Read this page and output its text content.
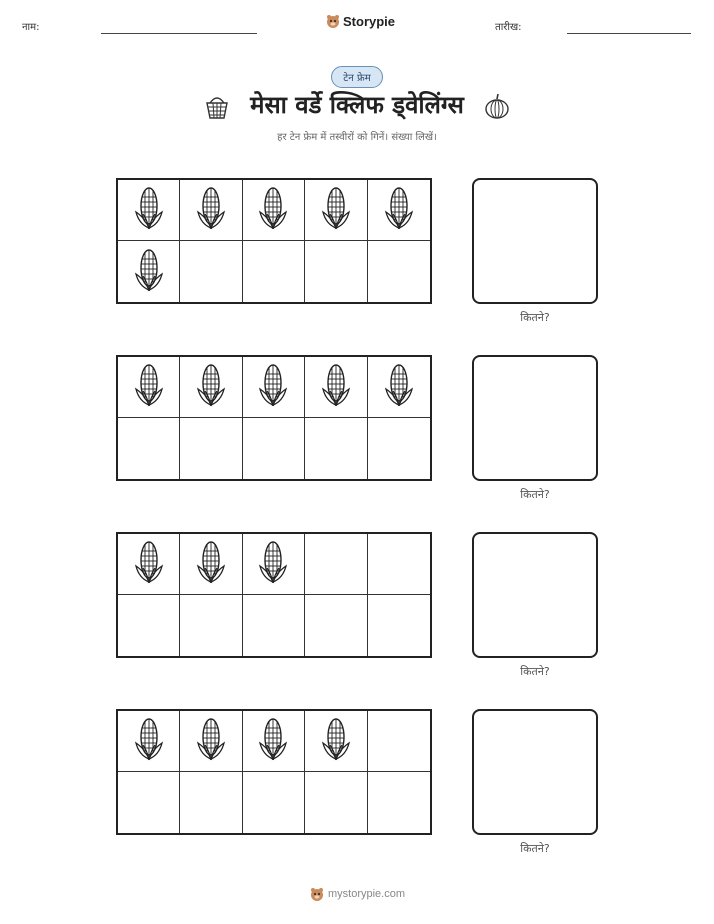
नाम:	Storypie	तारीख:
टेन फ्रेम
मेसा वर्डे क्लिफ ड्वेलिंग्स
हर टेन फ्रेम में तस्वीरों को गिनें। संख्या लिखें।
कितने?
कितने?
कितने?
कितने?
mystorypie.com
